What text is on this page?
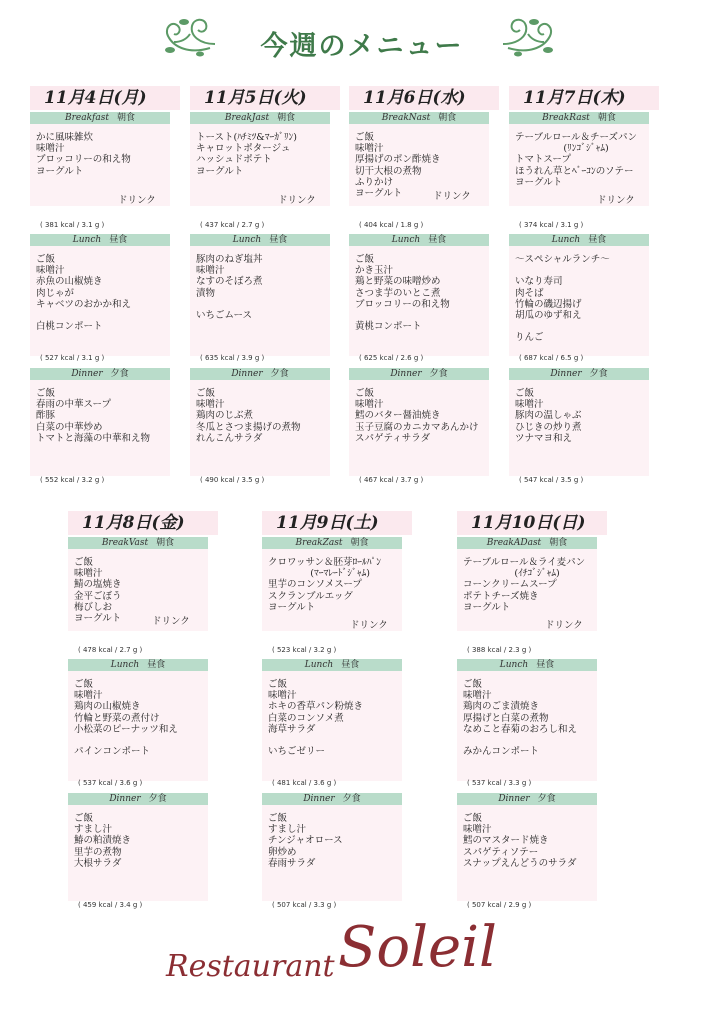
今週のメニュー
11月4日(月)
Breakfast 朝食
かに風味雑炊
味噌汁
ブロッコリーの和え物
ヨーグルト
ドリンク
( 381 kcal / 3.1 g )
Lunch 昼食
ご飯
味噌汁
赤魚の山椒焼き
肉じゃが
キャベツのおかか和え
白桃コンポート
( 527 kcal / 3.1 g )
Dinner 夕食
ご飯
春雨の中華スープ
酢豚
白菜の中華炒め
トマトと海藻の中華和え物
( 552 kcal / 3.2 g )
11月5日(火)
BreakJast 朝食
トースト(ﾊﾁﾐﾂ&ﾏｰｶﾞﾘﾝ)
キャロットポタージュ
ハッシュドポテト
ヨーグルト
ドリンク
( 437 kcal / 2.7 g )
Lunch 昼食
豚肉のねぎ塩丼
味噌汁
なすのそぼろ煮
漬物
いちごムース
( 635 kcal / 3.9 g )
Dinner 夕食
ご飯
味噌汁
鶏肉のじぶ煮
冬瓜とさつま揚げの煮物
れんこんサラダ
( 490 kcal / 3.5 g )
11月6日(水)
BreakNast 朝食
ご飯
味噌汁
厚揚げのポン酢焼き
切干大根の煮物
ふりかけ
ヨーグルト	ドリンク
( 404 kcal / 1.8 g )
Lunch 昼食
ご飯
かき玉汁
鶏と野菜の味噌炒め
さつま芋のいとこ煮
ブロッコリーの和え物
黄桃コンポート
( 625 kcal / 2.6 g )
Dinner 夕食
ご飯
味噌汁
鱈のバター醤油焼き
玉子豆腐のカニカマあんかけ
スパゲティサラダ
( 467 kcal / 3.7 g )
11月7日(木)
BreakRast 朝食
テーブルロール＆チーズパン
(ﾘﾝｺﾞｼﾞｬﾑ)
トマトスープ
ほうれん草とﾍﾞｰｺﾝのソテー
ヨーグルト
ドリンク
( 374 kcal / 3.1 g )
Lunch 昼食
～スペシャルランチ～
いなり寿司
肉そば
竹輪の磯辺揚げ
胡瓜のゆず和え
りんご
( 687 kcal / 6.5 g )
Dinner 夕食
ご飯
味噌汁
豚肉の温しゃぶ
ひじきの炒り煮
ツナマヨ和え
( 547 kcal / 3.5 g )
11月8日(金)
BreakVast 朝食
ご飯
味噌汁
鯖の塩焼き
金平ごぼう
梅びしお
ヨーグルト	ドリンク
( 478 kcal / 2.7 g )
Lunch 昼食
ご飯
味噌汁
鶏肉の山椒焼き
竹輪と野菜の煮付け
小松菜のピーナッツ和え
パインコンポート
( 537 kcal / 3.6 g )
Dinner 夕食
ご飯
すまし汁
鰆の粕漬焼き
里芋の煮物
大根サラダ
( 459 kcal / 3.4 g )
11月9日(土)
BreakZast 朝食
クロワッサン＆胚芽ﾛｰﾙﾊﾟﾝ
(ﾏｰﾏﾚｰﾄﾞｼﾞｬﾑ)
里芋のコンソメスープ
スクランブルエッグ
ヨーグルト
ドリンク
( 523 kcal / 3.2 g )
Lunch 昼食
ご飯
味噌汁
ホキの香草パン粉焼き
白菜のコンソメ煮
海草サラダ
いちごゼリー
( 481 kcal / 3.6 g )
Dinner 夕食
ご飯
すまし汁
チンジャオロース
卵炒め
春雨サラダ
( 507 kcal / 3.3 g )
11月10日(日)
BreakADast 朝食
テーブルロール＆ライ麦パン
(ｲﾁｺﾞｼﾞｬﾑ)
コーンクリームスープ
ポテトチーズ焼き
ヨーグルト
ドリンク
( 388 kcal / 2.3 g )
Lunch 昼食
ご飯
味噌汁
鶏肉のごま漬焼き
厚揚げと白菜の煮物
なめこと春菊のおろし和え
みかんコンポート
( 537 kcal / 3.3 g )
Dinner 夕食
ご飯
味噌汁
鱈のマスタード焼き
スパゲティソテー
スナップえんどうのサラダ
( 507 kcal / 2.9 g )
Restaurant Soleil
